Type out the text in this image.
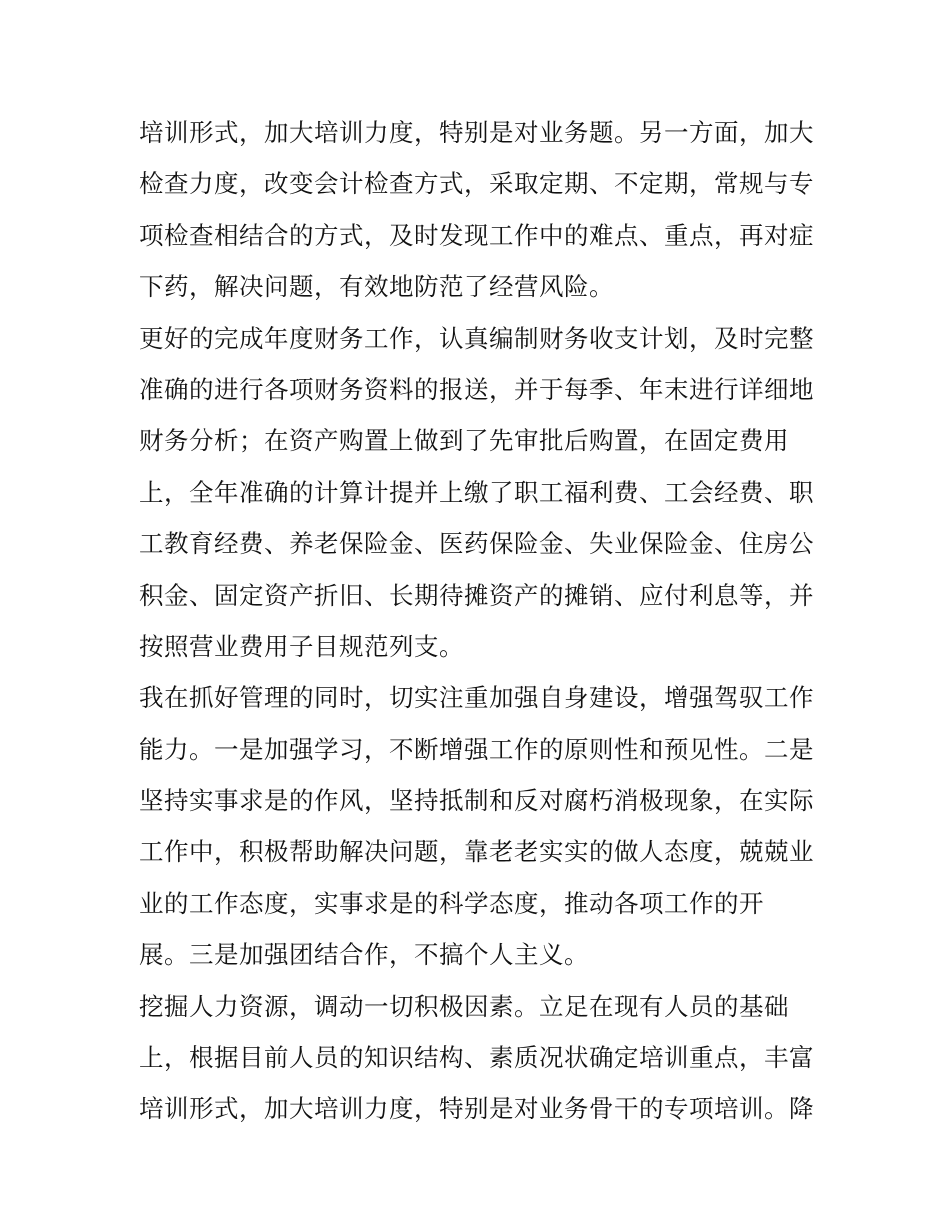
培训形式，加大培训力度，特别是对业务题。另一方面，加大
检查力度，改变会计检查方式，采取定期、不定期，常规与专
项检查相结合的方式，及时发现工作中的难点、重点，再对症
下药，解决问题，有效地防范了经营风险。
更好的完成年度财务工作，认真编制财务收支计划，及时完整
准确的进行各项财务资料的报送，并于每季、年末进行详细地
财务分析；在资产购置上做到了先审批后购置，在固定费用
上，全年准确的计算计提并上缴了职工福利费、工会经费、职
工教育经费、养老保险金、医药保险金、失业保险金、住房公
积金、固定资产折旧、长期待摊资产的摊销、应付利息等，并
按照营业费用子目规范列支。
我在抓好管理的同时，切实注重加强自身建设，增强驾驭工作
能力。一是加强学习，不断增强工作的原则性和预见性。二是
坚持实事求是的作风，坚持抵制和反对腐朽消极现象，在实际
工作中，积极帮助解决问题，靠老老实实的做人态度，兢兢业
业的工作态度，实事求是的科学态度，推动各项工作的开
展。三是加强团结合作，不搞个人主义。
挖掘人力资源，调动一切积极因素。立足在现有人员的基础
上，根据目前人员的知识结构、素质况状确定培训重点，丰富
培训形式，加大培训力度，特别是对业务骨干的专项培训。降
